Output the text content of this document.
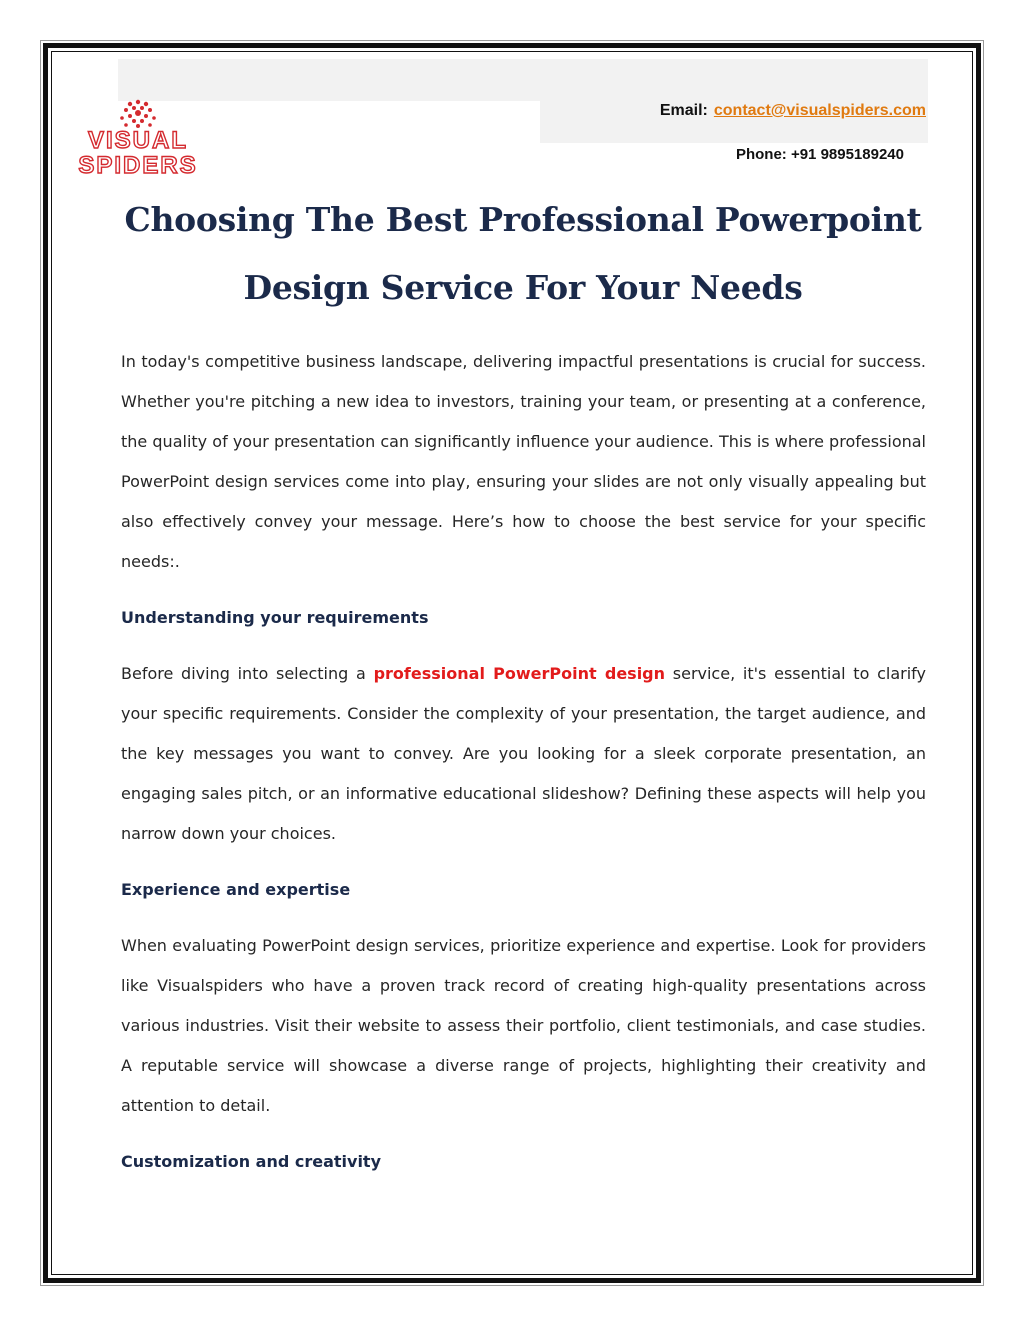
VISUAL
SPIDERS
Email: contact@visualspiders.com
Phone: +91 9895189240
Choosing The Best Professional Powerpoint
Design Service For Your Needs

In today's competitive business landscape, delivering impactful presentations is crucial for success. Whether you're pitching a new idea to investors, training your team, or presenting at a conference, the quality of your presentation can significantly influence your audience. This is where professional PowerPoint design services come into play, ensuring your slides are not only visually appealing but also effectively convey your message. Here’s how to choose the best service for your specific needs:.

Understanding your requirements

Before diving into selecting a professional PowerPoint design service, it's essential to clarify your specific requirements. Consider the complexity of your presentation, the target audience, and the key messages you want to convey. Are you looking for a sleek corporate presentation, an engaging sales pitch, or an informative educational slideshow? Defining these aspects will help you narrow down your choices.

Experience and expertise

When evaluating PowerPoint design services, prioritize experience and expertise. Look for providers like Visualspiders who have a proven track record of creating high-quality presentations across various industries. Visit their website to assess their portfolio, client testimonials, and case studies. A reputable service will showcase a diverse range of projects, highlighting their creativity and attention to detail.

Customization and creativity
